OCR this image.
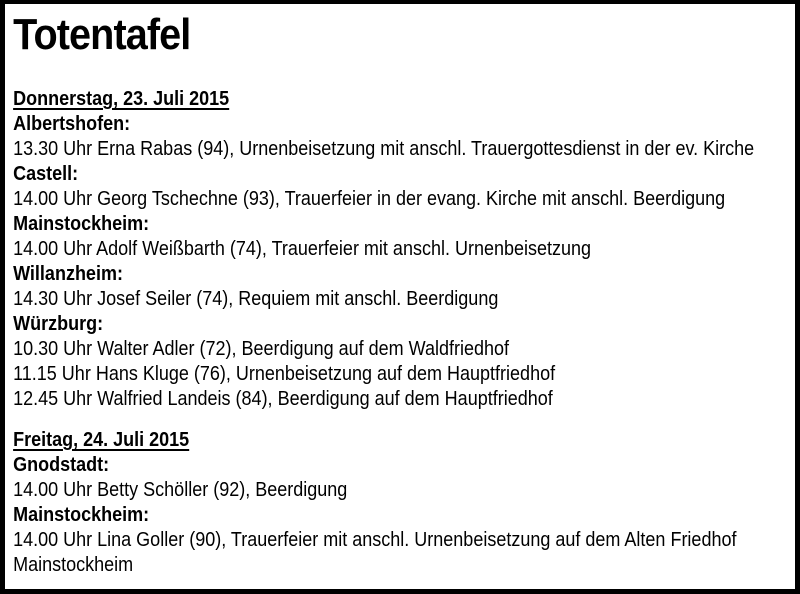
Totentafel
Donnerstag, 23. Juli 2015
Albertshofen:

13.30 Uhr Erna Rabas (94), Urnenbeisetzung mit anschl. Trauergottesdienst in der ev. Kirche

Castell:

14.00 Uhr Georg Tschechne (93), Trauerfeier in der evang. Kirche mit anschl. Beerdigung

Mainstockheim:

14.00 Uhr Adolf Weißbarth (74), Trauerfeier mit anschl. Urnenbeisetzung

Willanzheim:

14.30 Uhr Josef Seiler (74), Requiem mit anschl. Beerdigung

Würzburg:

10.30 Uhr Walter Adler (72), Beerdigung auf dem Waldfriedhof

11.15 Uhr Hans Kluge (76), Urnenbeisetzung auf dem Hauptfriedhof

12.45 Uhr Walfried Landeis (84), Beerdigung auf dem Hauptfriedhof

Freitag, 24. Juli 2015
Gnodstadt:

14.00 Uhr Betty Schöller (92), Beerdigung

Mainstockheim:

14.00 Uhr Lina Goller (90), Trauerfeier mit anschl. Urnenbeisetzung auf dem Alten Friedhof Mainstockheim
